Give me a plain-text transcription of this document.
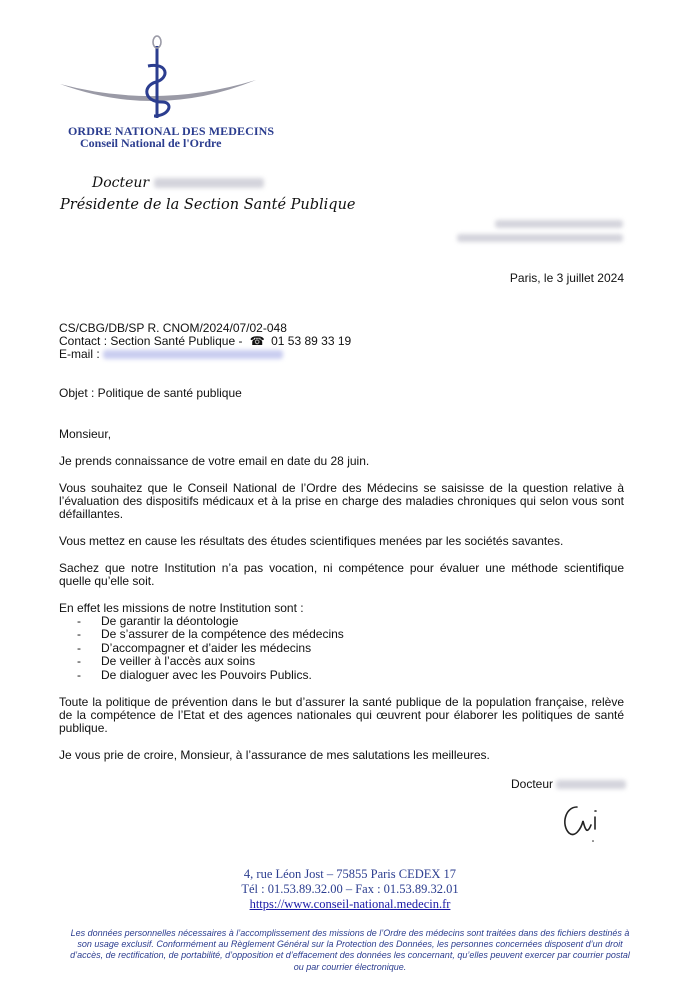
ORDRE NATIONAL DES MEDECINS
Conseil National de l'Ordre
Docteur
Présidente de la Section Santé Publique
Paris, le 3 juillet 2024
CS/CBG/DB/SP R. CNOM/2024/07/02-048
Contact : Section Santé Publique - ☎ 01 53 89 33 19
E-mail :
Objet : Politique de santé publique

Monsieur,

Je prends connaissance de votre email en date du 28 juin.

Vous souhaitez que le Conseil National de l’Ordre des Médecins se saisisse de la question relative à l’évaluation des dispositifs médicaux et à la prise en charge des maladies chroniques qui selon vous sont défaillantes.

Vous mettez en cause les résultats des études scientifiques menées par les sociétés savantes.

Sachez que notre Institution n’a pas vocation, ni compétence pour évaluer une méthode scientifique quelle qu’elle soit.

En effet les missions de notre Institution sont :

- De garantir la déontologie
- De s’assurer de la compétence des médecins
- D’accompagner et d’aider les médecins
- De veiller à l’accès aux soins
- De dialoguer avec les Pouvoirs Publics.

Toute la politique de prévention dans le but d’assurer la santé publique de la population française, relève de la compétence de l’Etat et des agences nationales qui œuvrent pour élaborer les politiques de santé publique.

Je vous prie de croire, Monsieur, à l’assurance de mes salutations les meilleures.

Docteur
4, rue Léon Jost – 75855 Paris CEDEX 17
Tél : 01.53.89.32.00 – Fax : 01.53.89.32.01
https://www.conseil-national.medecin.fr
Les données personnelles nécessaires à l’accomplissement des missions de l’Ordre des médecins sont traitées dans des fichiers destinés à son usage exclusif. Conformément au Règlement Général sur la Protection des Données, les personnes concernées disposent d’un droit d’accès, de rectification, de portabilité, d’opposition et d’effacement des données les concernant, qu’elles peuvent exercer par courrier postal ou par courrier électronique.
